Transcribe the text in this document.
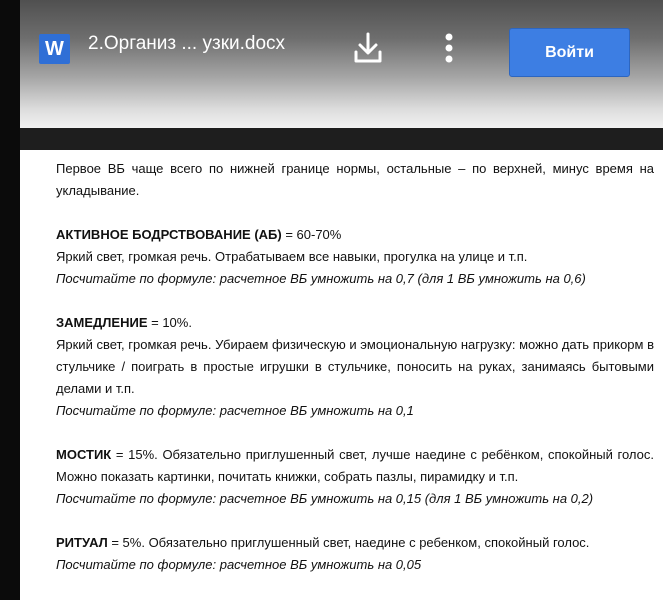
W	2.Организ ... узки.docx	Войти

Первое ВБ чаще всего по нижней границе нормы, остальные – по верхней, минус время на укладывание.

АКТИВНОЕ БОДРСТВОВАНИЕ (АБ) = 60-70%

Яркий свет, громкая речь. Отрабатываем все навыки, прогулка на улице и т.п.

Посчитайте по формуле: расчетное ВБ умножить на 0,7 (для 1 ВБ умножить на 0,6)

ЗАМЕДЛЕНИЕ = 10%.

Яркий свет, громкая речь. Убираем физическую и эмоциональную нагрузку: можно дать прикорм в стульчике / поиграть в простые игрушки в стульчике, поносить на руках, занимаясь бытовыми делами и т.п.

Посчитайте по формуле: расчетное ВБ умножить на 0,1

МОСТИК = 15%. Обязательно приглушенный свет, лучше наедине с ребёнком, спокойный голос. Можно показать картинки, почитать книжки, собрать пазлы, пирамидку и т.п.

Посчитайте по формуле: расчетное ВБ умножить на 0,15 (для 1 ВБ умножить на 0,2)

РИТУАЛ = 5%. Обязательно приглушенный свет, наедине с ребенком, спокойный голос.

Посчитайте по формуле: расчетное ВБ умножить на 0,05
